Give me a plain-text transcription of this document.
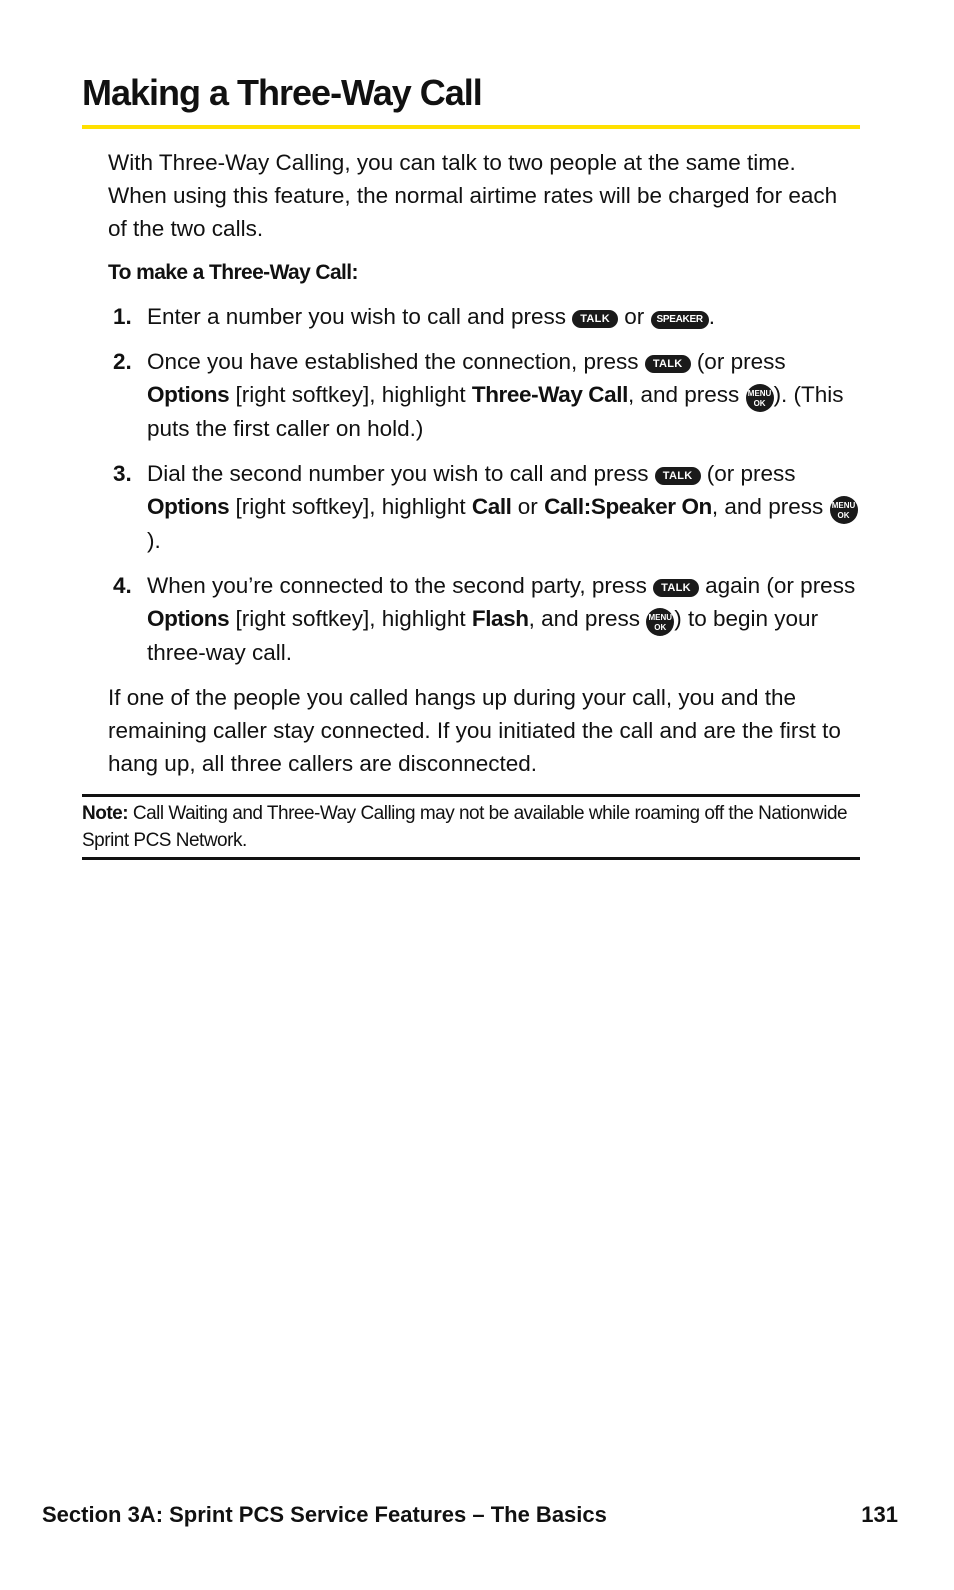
Making a Three-Way Call

With Three-Way Calling, you can talk to two people at the same time. When using this feature, the normal airtime rates will be charged for each of the two calls.

To make a Three-Way Call:

1. Enter a number you wish to call and press TALK or SPEAKER .
2. Once you have established the connection, press TALK (or press Options [right softkey], highlight Three-Way Call, and press MENU
OK ). (This puts the first caller on hold.)
3. Dial the second number you wish to call and press TALK (or press Options [right softkey], highlight Call or Call:Speaker On, and press MENU
OK
).
4. When you’re connected to the second party, press TALK again (or press Options [right softkey], highlight Flash, and press MENU
OK ) to begin your three-way call.

If one of the people you called hangs up during your call, you and the remaining caller stay connected. If you initiated the call and are the first to hang up, all three callers are disconnected.

Note: Call Waiting and Three-Way Calling may not be available while roaming off the Nationwide Sprint PCS Network.
Section 3A: Sprint PCS Service Features – The Basics	131
